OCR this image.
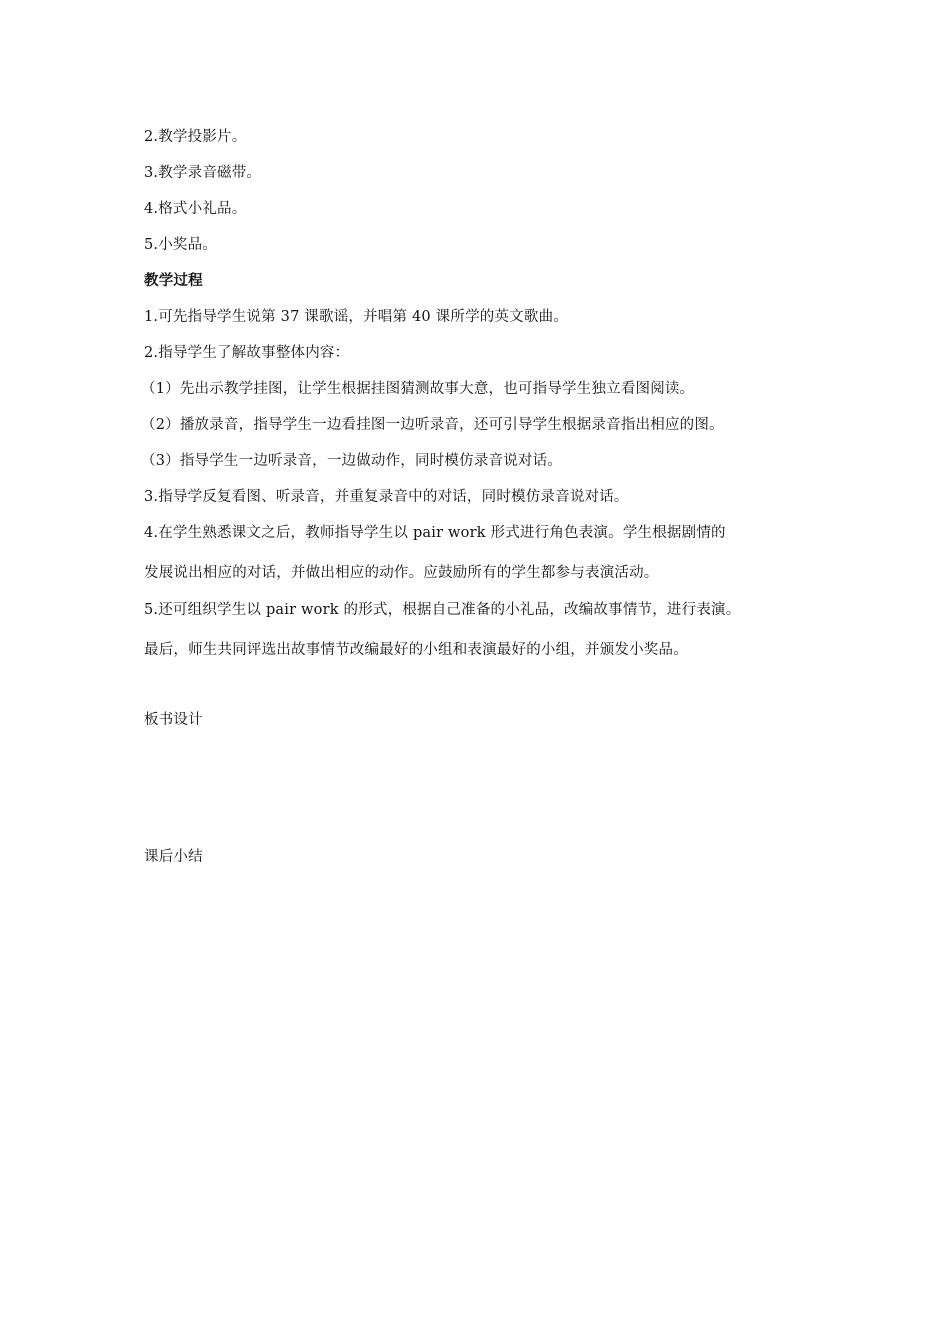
2.教学投影片。
3.教学录音磁带。
4.格式小礼品。
5.小奖品。
教学过程
1.可先指导学生说第 37 课歌谣，并唱第 40 课所学的英文歌曲。
2.指导学生了解故事整体内容：
（1）先出示教学挂图，让学生根据挂图猜测故事大意，也可指导学生独立看图阅读。
（2）播放录音，指导学生一边看挂图一边听录音，还可引导学生根据录音指出相应的图。
（3）指导学生一边听录音，一边做动作，同时模仿录音说对话。
3.指导学反复看图、听录音，并重复录音中的对话，同时模仿录音说对话。
4.在学生熟悉课文之后，教师指导学生以 pair work 形式进行角色表演。学生根据剧情的
发展说出相应的对话，并做出相应的动作。应鼓励所有的学生都参与表演活动。
5.还可组织学生以 pair work 的形式，根据自己准备的小礼品，改编故事情节，进行表演。
最后，师生共同评选出故事情节改编最好的小组和表演最好的小组，并颁发小奖品。
板书设计
课后小结
